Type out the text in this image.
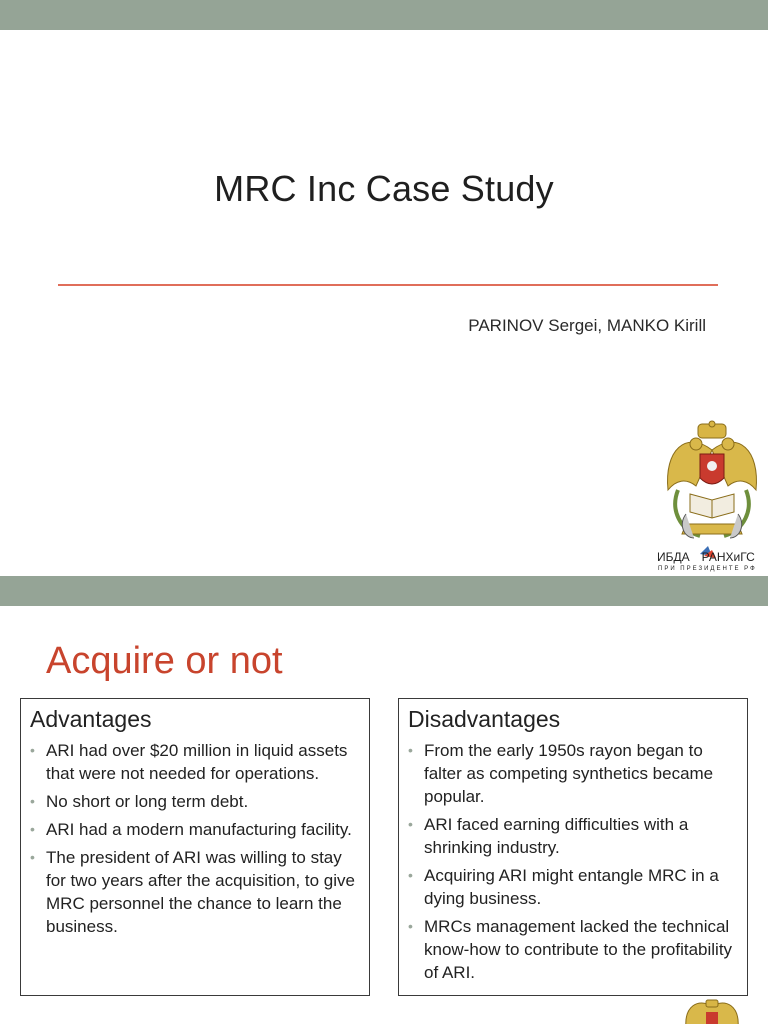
MRC Inc Case Study
PARINOV Sergei, MANKO Kirill
ИБДА РАНХиГС
ПРИ ПРЕЗИДЕНТЕ РФ
Acquire or not
Advantages
• ARI had over $20 million in liquid assets that were not needed for operations.
• No short or long term debt.
• ARI had a modern manufacturing facility.
• The president of ARI was willing to stay for two years after the acquisition, to give MRC personnel the chance to learn the business.
Disadvantages
• From the early 1950s rayon began to falter as competing synthetics became popular.
• ARI faced earning difficulties with a shrinking industry.
• Acquiring ARI might entangle MRC in a dying business.
• MRCs management lacked the technical know-how to contribute to the profitability of ARI.
